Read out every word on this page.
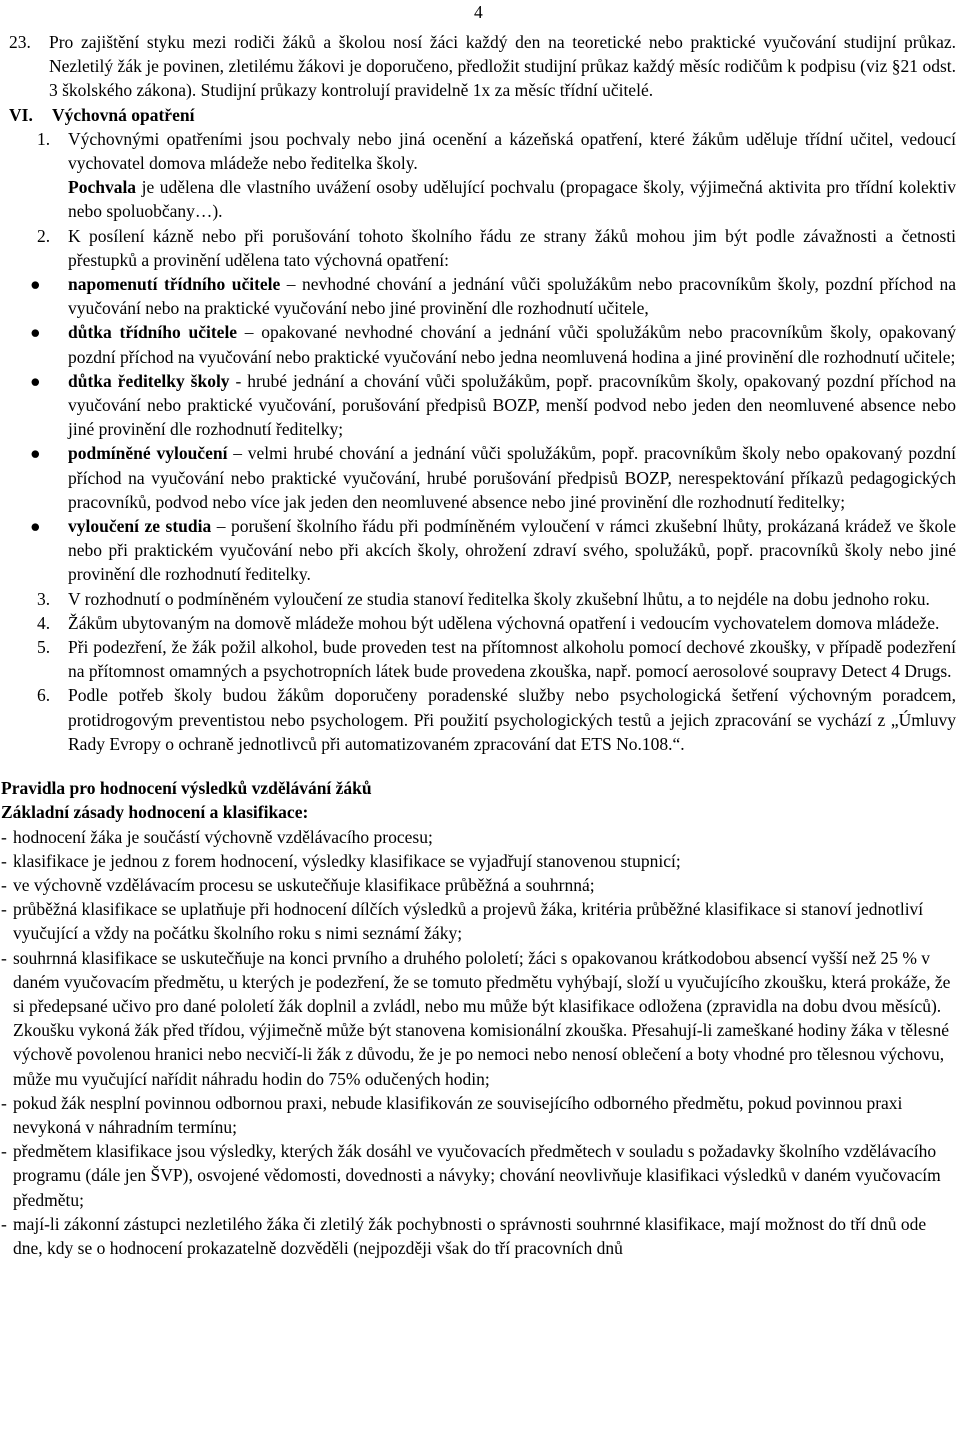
4
23. Pro zajištění styku mezi rodiči žáků a školou nosí žáci každý den na teoretické nebo praktické vyučování studijní průkaz. Nezletilý žák je povinen, zletilému žákovi je doporučeno, předložit studijní průkaz každý měsíc rodičům k podpisu (viz §21 odst. 3 školského zákona). Studijní průkazy kontrolují pravidelně 1x za měsíc třídní učitelé.
VI. Výchovná opatření
1. Výchovnými opatřeními jsou pochvaly nebo jiná ocenění a kázeňská opatření, které žákům uděluje třídní učitel, vedoucí vychovatel domova mládeže nebo ředitelka školy.
Pochvala je udělena dle vlastního uvážení osoby udělující pochvalu (propagace školy, výjimečná aktivita pro třídní kolektiv nebo spoluobčany…).
2. K posílení kázně nebo při porušování tohoto školního řádu ze strany žáků mohou jim být podle závažnosti a četnosti přestupků a provinění udělena tato výchovná opatření:
● napomenutí třídního učitele – nevhodné chování a jednání vůči spolužákům nebo pracovníkům školy, pozdní příchod na vyučování nebo na praktické vyučování nebo jiné provinění dle rozhodnutí učitele,
● důtka třídního učitele – opakované nevhodné chování a jednání vůči spolužákům nebo pracovníkům školy, opakovaný pozdní příchod na vyučování nebo praktické vyučování nebo jedna neomluvená hodina a jiné provinění dle rozhodnutí učitele;
● důtka ředitelky školy - hrubé jednání a chování vůči spolužákům, popř. pracovníkům školy, opakovaný pozdní příchod na vyučování nebo praktické vyučování, porušování předpisů BOZP, menší podvod nebo jeden den neomluvené absence nebo jiné provinění dle rozhodnutí ředitelky;
● podmíněné vyloučení – velmi hrubé chování a jednání vůči spolužákům, popř. pracovníkům školy nebo opakovaný pozdní příchod na vyučování nebo praktické vyučování, hrubé porušování předpisů BOZP, nerespektování příkazů pedagogických pracovníků, podvod nebo více jak jeden den neomluvené absence nebo jiné provinění dle rozhodnutí ředitelky;
● vyloučení ze studia – porušení školního řádu při podmíněném vyloučení v rámci zkušební lhůty, prokázaná krádež ve škole nebo při praktickém vyučování nebo při akcích školy, ohrožení zdraví svého, spolužáků, popř. pracovníků školy nebo jiné provinění dle rozhodnutí ředitelky.
3. V rozhodnutí o podmíněném vyloučení ze studia stanoví ředitelka školy zkušební lhůtu, a to nejdéle na dobu jednoho roku.
4. Žákům ubytovaným na domově mládeže mohou být udělena výchovná opatření i vedoucím vychovatelem domova mládeže.
5. Při podezření, že žák požil alkohol, bude proveden test na přítomnost alkoholu pomocí dechové zkoušky, v případě podezření na přítomnost omamných a psychotropních látek bude provedena zkouška, např. pomocí aerosolové soupravy Detect 4 Drugs.
6. Podle potřeb školy budou žákům doporučeny poradenské služby nebo psychologická šetření výchovným poradcem, protidrogovým preventistou nebo psychologem. Při použití psychologických testů a jejich zpracování se vychází z „Úmluvy Rady Evropy o ochraně jednotlivců při automatizovaném zpracování dat ETS No.108.“.
Pravidla pro hodnocení výsledků vzdělávání žáků
Základní zásady hodnocení a klasifikace:
- hodnocení žáka je součástí výchovně vzdělávacího procesu;
- klasifikace je jednou z forem hodnocení, výsledky klasifikace se vyjadřují stanovenou stupnicí;
- ve výchovně vzdělávacím procesu se uskutečňuje klasifikace průběžná a souhrnná;
- průběžná klasifikace se uplatňuje při hodnocení dílčích výsledků a projevů žáka, kritéria průběžné klasifikace si stanoví jednotliví vyučující a vždy na počátku školního roku s nimi seznámí žáky;
- souhrnná klasifikace se uskutečňuje na konci prvního a druhého pololetí; žáci s opakovanou krátkodobou absencí vyšší než 25 % v daném vyučovacím předmětu, u kterých je podezření, že se tomuto předmětu vyhýbají, složí u vyučujícího zkoušku, která prokáže, že si předepsané učivo pro dané pololetí žák doplnil a zvládl, nebo mu může být klasifikace odložena (zpravidla na dobu dvou měsíců). Zkoušku vykoná žák před třídou, výjimečně může být stanovena komisionální zkouška. Přesahují-li zameškané hodiny žáka v tělesné výchově povolenou hranici nebo necvičí-li žák z důvodu, že je po nemoci nebo nenosí oblečení a boty vhodné pro tělesnou výchovu, může mu vyučující nařídit náhradu hodin do 75% odučených hodin;
- pokud žák nesplní povinnou odbornou praxi, nebude klasifikován ze souvisejícího odborného předmětu, pokud povinnou praxi nevykoná v náhradním termínu;
- předmětem klasifikace jsou výsledky, kterých žák dosáhl ve vyučovacích předmětech v souladu s požadavky školního vzdělávacího programu (dále jen ŠVP), osvojené vědomosti, dovednosti a návyky; chování neovlivňuje klasifikaci výsledků v daném vyučovacím předmětu;
- mají-li zákonní zástupci nezletilého žáka či zletilý žák pochybnosti o správnosti souhrnné klasifikace, mají možnost do tří dnů ode dne, kdy se o hodnocení prokazatelně dozvěděli (nejpozději však do tří pracovních dnů
